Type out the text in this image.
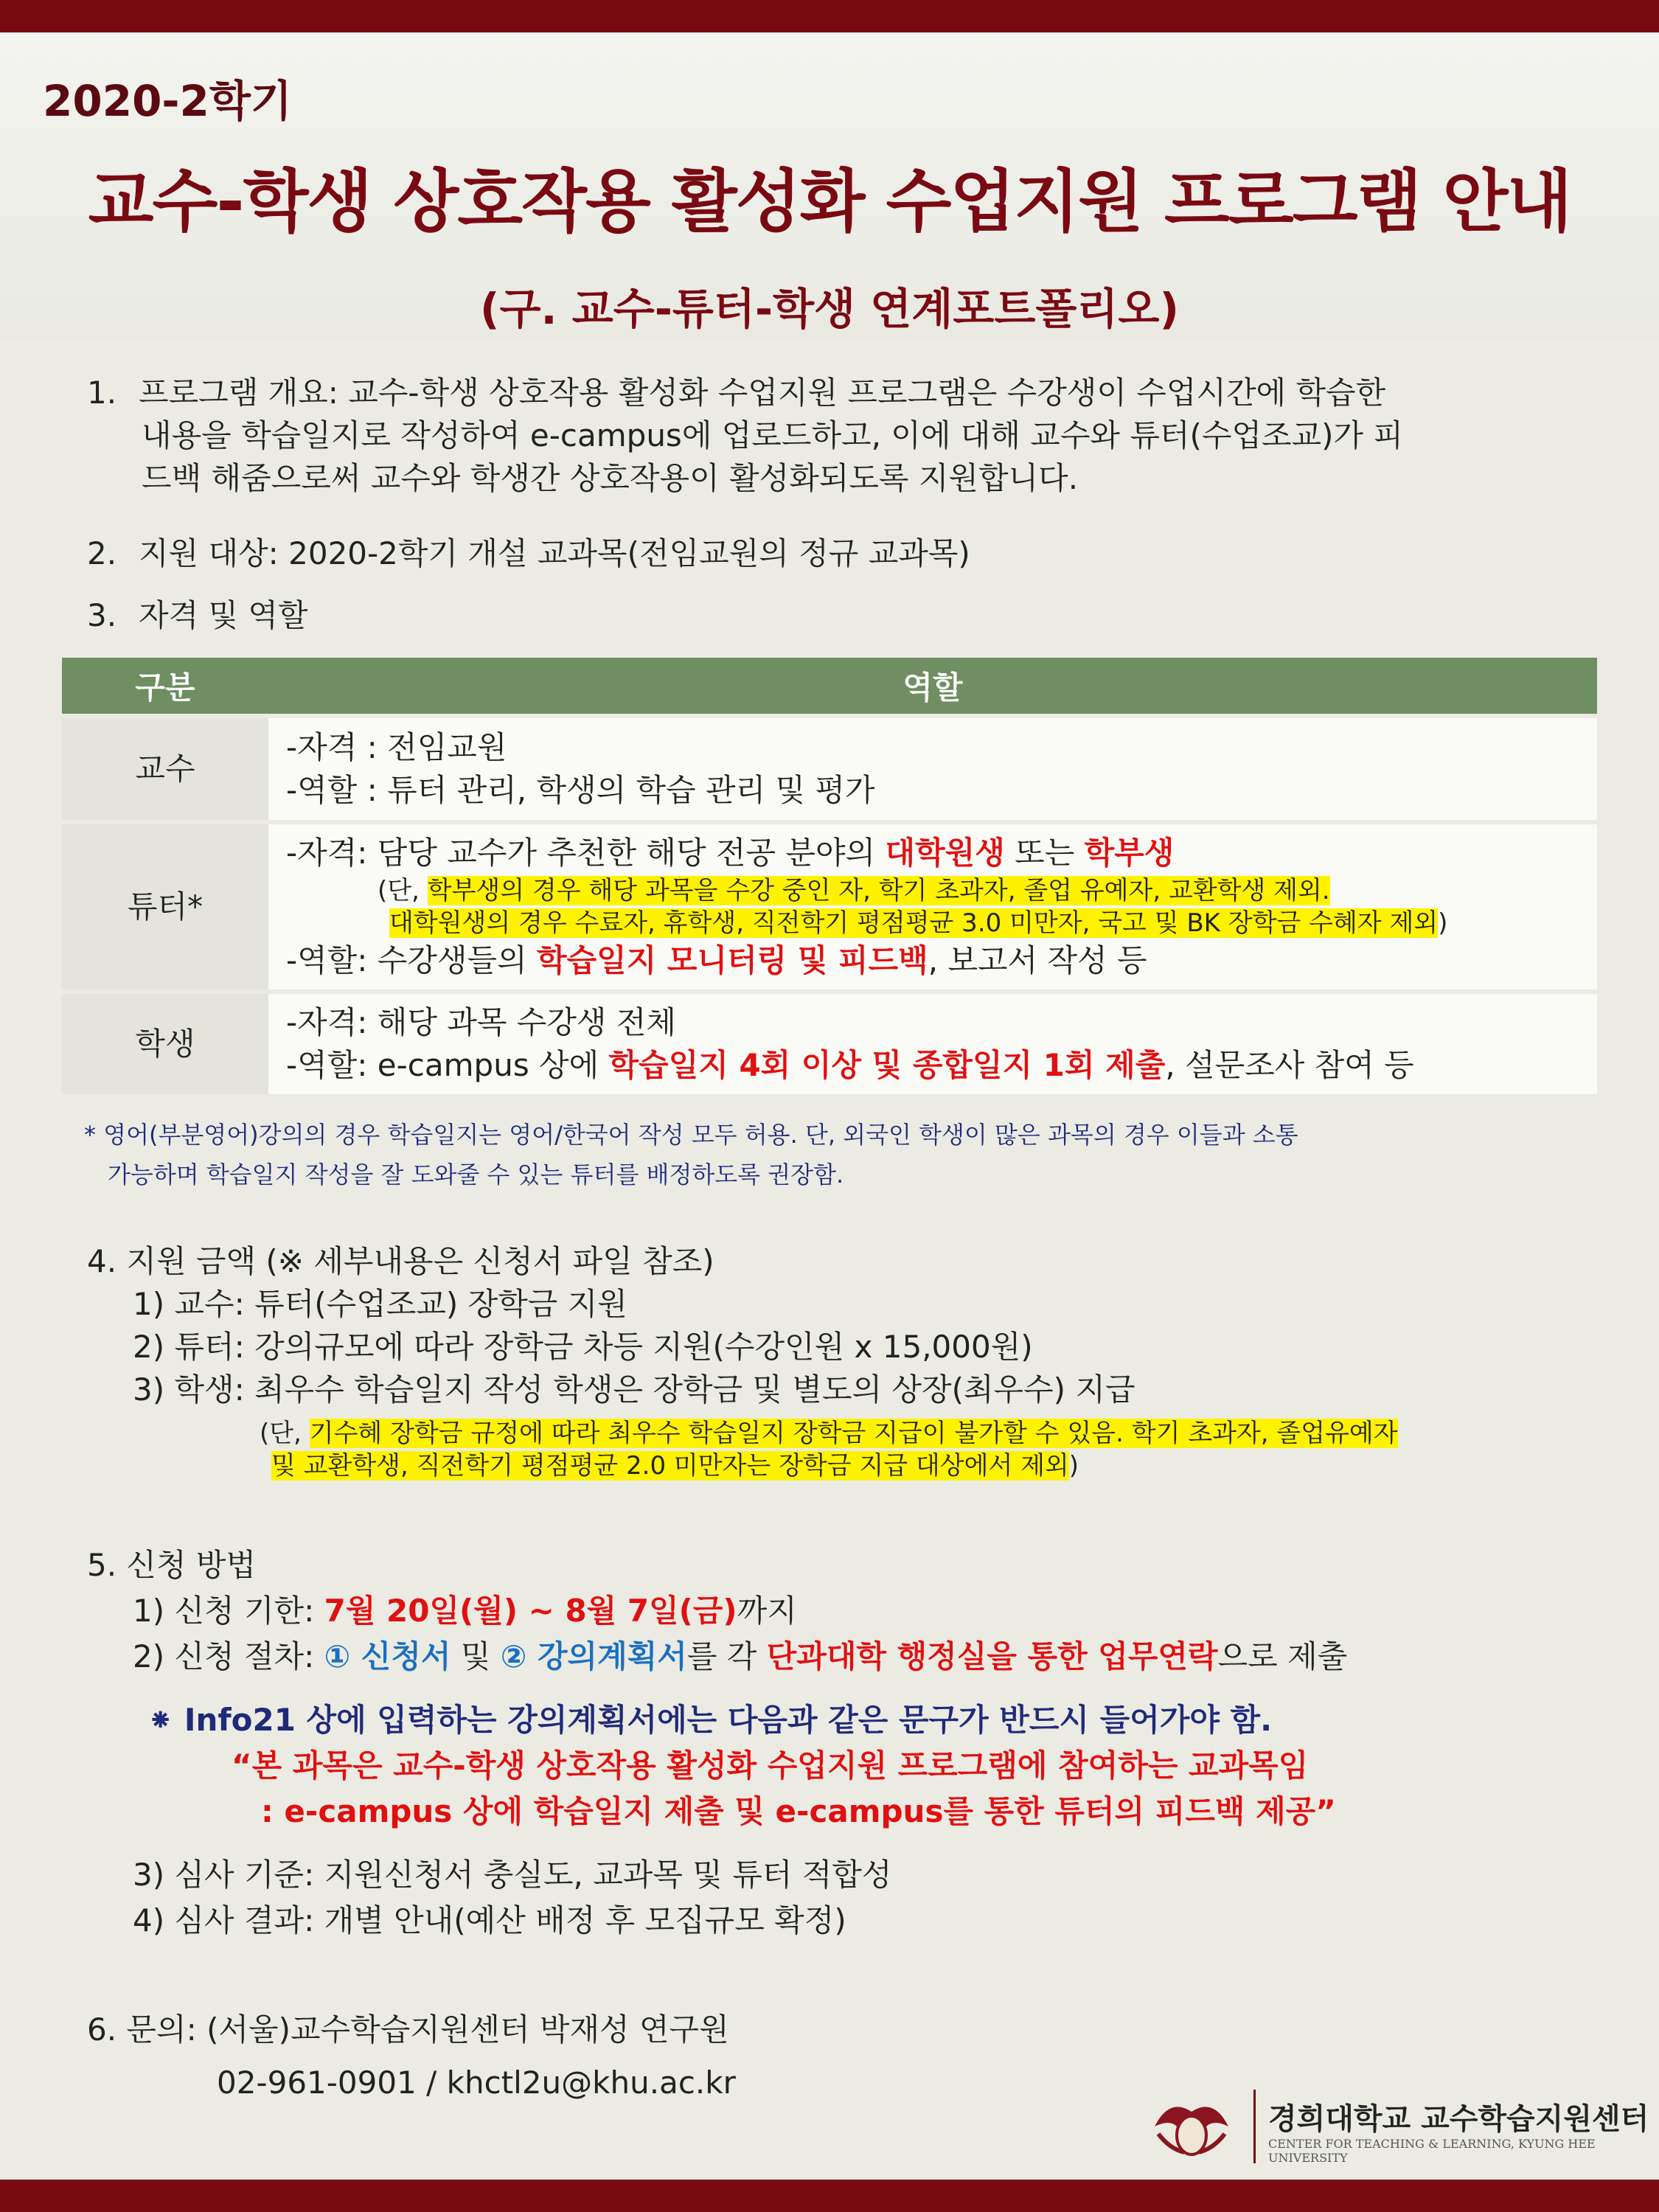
2020-2학기
교수-학생 상호작용 활성화 수업지원 프로그램 안내
(구. 교수-튜터-학생 연계포트폴리오)
1. 프로그램 개요: 교수-학생 상호작용 활성화 수업지원 프로그램은 수강생이 수업시간에 학습한
내용을 학습일지로 작성하여 e-campus에 업로드하고, 이에 대해 교수와 튜터(수업조교)가 피
드백 해줌으로써 교수와 학생간 상호작용이 활성화되도록 지원합니다.
2. 지원 대상: 2020-2학기 개설 교과목(전임교원의 정규 교과목)
3. 자격 및 역할
구분	역할
교수	-자격 : 전임교원
-역할 : 튜터 관리, 학생의 학습 관리 및 평가

튜터*	-자격: 담당 교수가 추천한 해당 전공 분야의 대학원생 또는 학부생
(단, 학부생의 경우 해당 과목을 수강 중인 자, 학기 초과자, 졸업 유예자, 교환학생 제외.
대학원생의 경우 수료자, 휴학생, 직전학기 평점평균 3.0 미만자, 국고 및 BK 장학금 수혜자 제외)
-역할: 수강생들의 학습일지 모니터링 및 피드백, 보고서 작성 등

학생	-자격: 해당 과목 수강생 전체
-역할: e-campus 상에 학습일지 4회 이상 및 종합일지 1회 제출, 설문조사 참여 등
* 영어(부분영어)강의의 경우 학습일지는 영어/한국어 작성 모두 허용. 단, 외국인 학생이 많은 과목의 경우 이들과 소통
가능하며 학습일지 작성을 잘 도와줄 수 있는 튜터를 배정하도록 권장함.
4. 지원 금액 (※ 세부내용은 신청서 파일 참조)
1) 교수: 튜터(수업조교) 장학금 지원
2) 튜터: 강의규모에 따라 장학금 차등 지원(수강인원 x 15,000원)
3) 학생: 최우수 학습일지 작성 학생은 장학금 및 별도의 상장(최우수) 지급
(단, 기수혜 장학금 규정에 따라 최우수 학습일지 장학금 지급이 불가할 수 있음. 학기 초과자, 졸업유예자
및 교환학생, 직전학기 평점평균 2.0 미만자는 장학금 지급 대상에서 제외)
5. 신청 방법
1) 신청 기한: 7월 20일(월) ~ 8월 7일(금)까지
2) 신청 절차: ① 신청서 및 ② 강의계획서를 각 단과대학 행정실을 통한 업무연락으로 제출
⁕ Info21 상에 입력하는 강의계획서에는 다음과 같은 문구가 반드시 들어가야 함.
“본 과목은 교수-학생 상호작용 활성화 수업지원 프로그램에 참여하는 교과목임
: e-campus 상에 학습일지 제출 및 e-campus를 통한 튜터의 피드백 제공”
3) 심사 기준: 지원신청서 충실도, 교과목 및 튜터 적합성
4) 심사 결과: 개별 안내(예산 배정 후 모집규모 확정)
6. 문의: (서울)교수학습지원센터 박재성 연구원
02-961-0901 / khctl2u@khu.ac.kr
경희대학교 교수학습지원센터
CENTER FOR TEACHING & LEARNING, KYUNG HEE UNIVERSITY
